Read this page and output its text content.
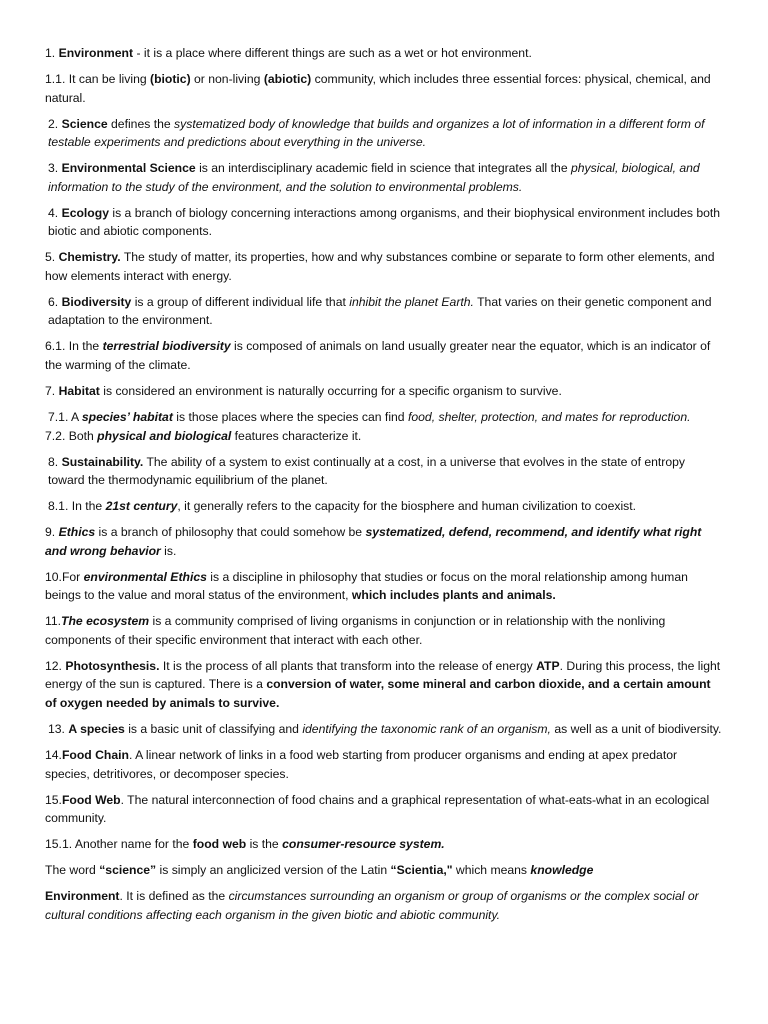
1. Environment - it is a place where different things are such as a wet or hot environment.

1.1. It can be living (biotic) or non-living (abiotic) community, which includes three essential forces: physical, chemical, and natural.

2. Science defines the systematized body of knowledge that builds and organizes a lot of information in a different form of testable experiments and predictions about everything in the universe.

3. Environmental Science is an interdisciplinary academic field in science that integrates all the physical, biological, and information to the study of the environment, and the solution to environmental problems.

4. Ecology is a branch of biology concerning interactions among organisms, and their biophysical environment includes both biotic and abiotic components.

5. Chemistry. The study of matter, its properties, how and why substances combine or separate to form other elements, and how elements interact with energy.

6. Biodiversity is a group of different individual life that inhibit the planet Earth. That varies on their genetic component and adaptation to the environment.

6.1. In the terrestrial biodiversity is composed of animals on land usually greater near the equator, which is an indicator of the warming of the climate.

7. Habitat is considered an environment is naturally occurring for a specific organism to survive.

7.1. A species’ habitat is those places where the species can find food, shelter, protection, and mates for reproduction.

7.2. Both physical and biological features characterize it.

8. Sustainability. The ability of a system to exist continually at a cost, in a universe that evolves in the state of entropy toward the thermodynamic equilibrium of the planet.

8.1. In the 21st century, it generally refers to the capacity for the biosphere and human civilization to coexist.

9. Ethics is a branch of philosophy that could somehow be systematized, defend, recommend, and identify what right and wrong behavior is.

10.For environmental Ethics is a discipline in philosophy that studies or focus on the moral relationship among human beings to the value and moral status of the environment, which includes plants and animals.

11.The ecosystem is a community comprised of living organisms in conjunction or in relationship with the nonliving components of their specific environment that interact with each other.

12. Photosynthesis. It is the process of all plants that transform into the release of energy ATP. During this process, the light energy of the sun is captured. There is a conversion of water, some mineral and carbon dioxide, and a certain amount of oxygen needed by animals to survive.

13. A species is a basic unit of classifying and identifying the taxonomic rank of an organism, as well as a unit of biodiversity.

14.Food Chain. A linear network of links in a food web starting from producer organisms and ending at apex predator species, detritivores, or decomposer species.

15.Food Web. The natural interconnection of food chains and a graphical representation of what-eats-what in an ecological community.

15.1. Another name for the food web is the consumer-resource system.

The word “science” is simply an anglicized version of the Latin “Scientia," which means knowledge

Environment. It is defined as the circumstances surrounding an organism or group of organisms or the complex social or cultural conditions affecting each organism in the given biotic and abiotic community.
